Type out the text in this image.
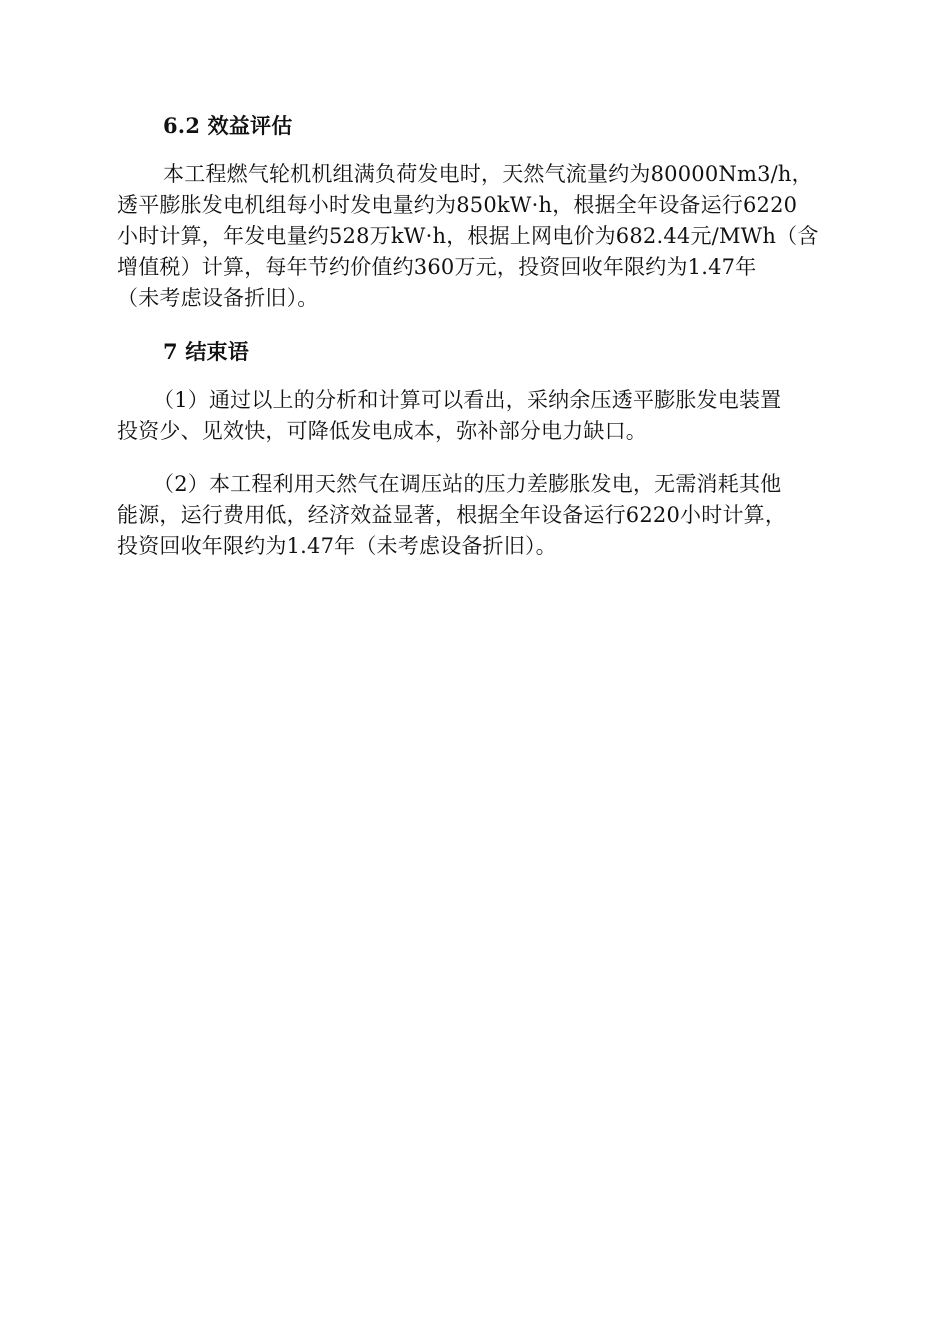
6.2 效益评估
本工程燃气轮机机组满负荷发电时，天然气流量约为80000Nm3/h，
透平膨胀发电机组每小时发电量约为850kW·h，根据全年设备运行6220
小时计算，年发电量约528万kW·h，根据上网电价为682.44元/MWh（含
增值税）计算，每年节约价值约360万元，投资回收年限约为1.47年
（未考虑设备折旧）。
7 结束语
（1）通过以上的分析和计算可以看出，采纳余压透平膨胀发电装置
投资少、见效快，可降低发电成本，弥补部分电力缺口。
（2）本工程利用天然气在调压站的压力差膨胀发电，无需消耗其他
能源，运行费用低，经济效益显著，根据全年设备运行6220小时计算，
投资回收年限约为1.47年（未考虑设备折旧）。
